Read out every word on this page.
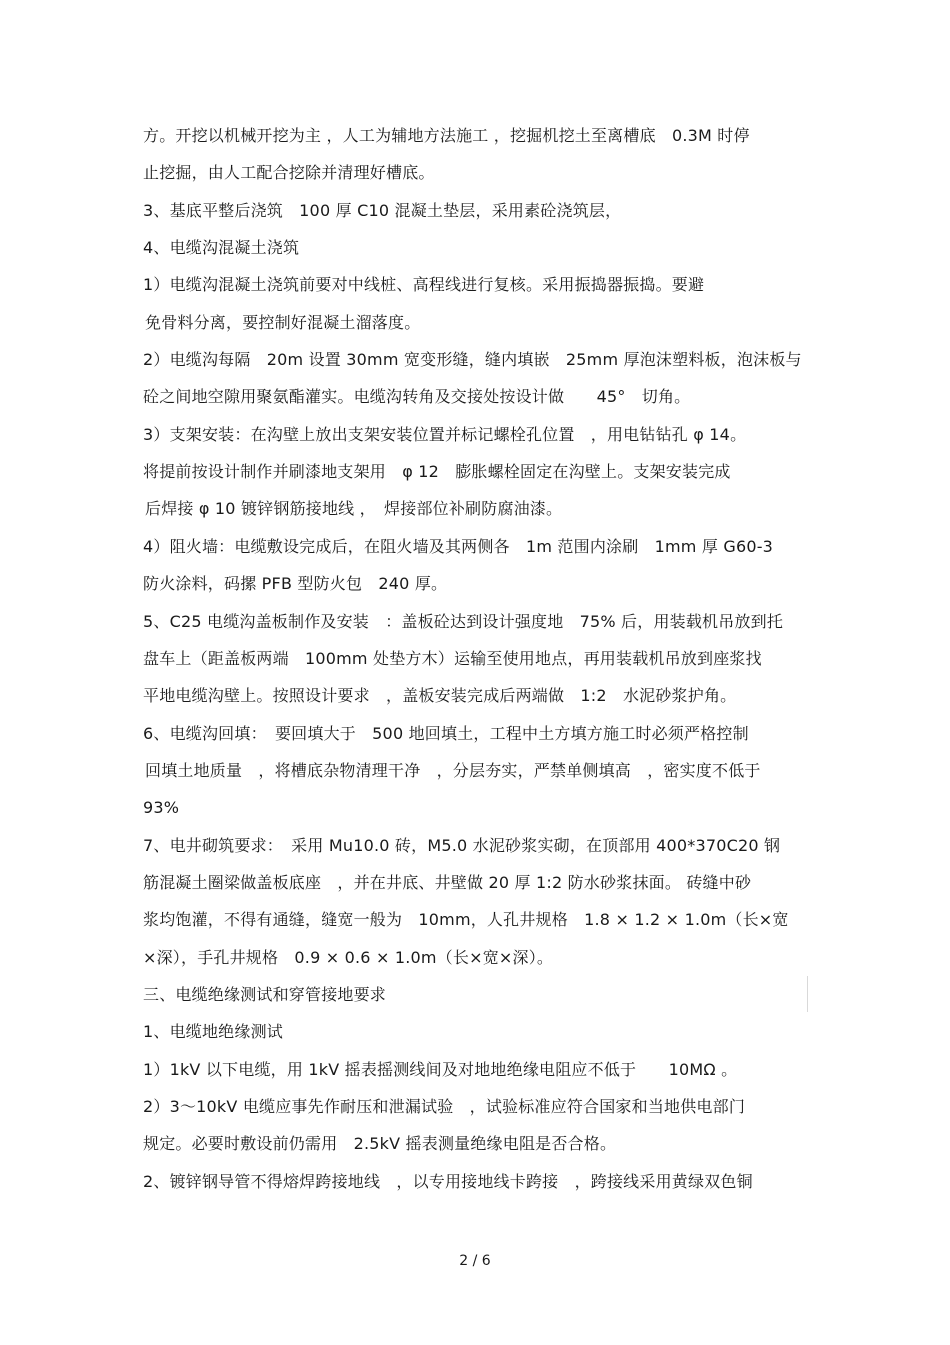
方。开挖以机械开挖为主 ，人工为辅地方法施工 ，挖掘机挖土至离槽底　0.3M 时停
止挖掘，由人工配合挖除并清理好槽底。
3、基底平整后浇筑　100 厚 C10 混凝土垫层，采用素砼浇筑层，
4、电缆沟混凝土浇筑
1）电缆沟混凝土浇筑前要对中线桩、高程线进行复核。采用振捣器振捣。要避
免骨料分离，要控制好混凝土溜落度。
2）电缆沟每隔　20m 设置 30mm 宽变形缝，缝内填嵌　25mm 厚泡沫塑料板，泡沫板与
砼之间地空隙用聚氨酯灌实。电缆沟转角及交接处按设计做　　45°　切角。
3）支架安装：在沟壁上放出支架安装位置并标记螺栓孔位置　，用电钻钻孔 φ 14。
将提前按设计制作并刷漆地支架用　φ 12　膨胀螺栓固定在沟壁上。支架安装完成
后焊接 φ 10 镀锌钢筋接地线 ，　焊接部位补刷防腐油漆。
4）阻火墙：电缆敷设完成后，在阻火墙及其两侧各　1m 范围内涂刷　1mm 厚 G60-3
防火涂料，码摞 PFB 型防火包　240 厚。
5、C25 电缆沟盖板制作及安装　：盖板砼达到设计强度地　75% 后，用装载机吊放到托
盘车上（距盖板两端　100mm 处垫方木）运输至使用地点，再用装载机吊放到座浆找
平地电缆沟壁上。按照设计要求　，盖板安装完成后两端做　1:2　水泥砂浆护角。
6、电缆沟回填：　要回填大于　500 地回填土，工程中土方填方施工时必须严格控制
回填土地质量　，将槽底杂物清理干净　，分层夯实，严禁单侧填高　，密实度不低于
93%
7、电井砌筑要求：　采用 Mu10.0 砖，M5.0 水泥砂浆实砌，在顶部用 400*370C20 钢
筋混凝土圈梁做盖板底座　，并在井底、井壁做 20 厚 1:2 防水砂浆抹面。 砖缝中砂
浆均饱灌，不得有通缝，缝宽一般为　10mm，人孔井规格　1.8 × 1.2 × 1.0m（长×宽
×深），手孔井规格　0.9 × 0.6 × 1.0m（长×宽×深）。
三、电缆绝缘测试和穿管接地要求
1、电缆地绝缘测试
1）1kV 以下电缆，用 1kV 摇表摇测线间及对地地绝缘电阻应不低于　　10MΩ 。
2）3～10kV 电缆应事先作耐压和泄漏试验　，试验标准应符合国家和当地供电部门
规定。必要时敷设前仍需用　2.5kV 摇表测量绝缘电阻是否合格。
2、镀锌钢导管不得熔焊跨接地线　，以专用接地线卡跨接　，跨接线采用黄绿双色铜
2 / 6
